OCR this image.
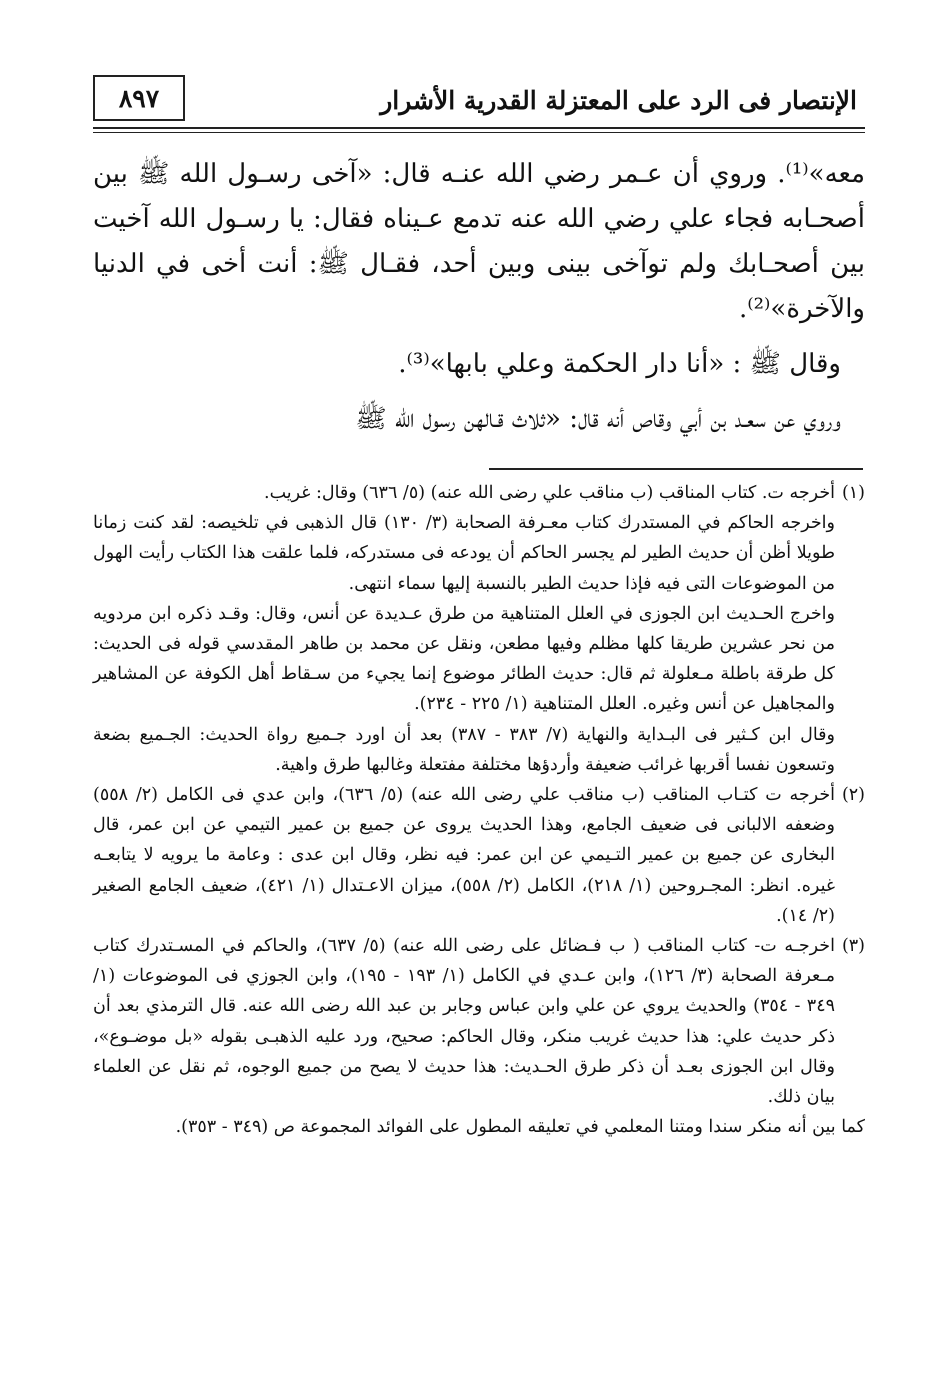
الإنتصار فى الرد على المعتزلة القدرية الأشرار
٨٩٧

معه»⁽¹⁾. وروي أن عـمر رضي الله عنـه قال: «آخى رسـول الله ﷺ بين أصحـابه فجاء علي رضي الله عنه تدمع عـيناه فقال: يا رسـول الله آخيت بين أصحـابك ولم توآخى بينى وبين أحد، فقـال ﷺ: أنت أخى في الدنيا والآخرة»⁽²⁾.

وقال ﷺ : «أنا دار الحكمة وعلي بابها»⁽³⁾.

وروي عن سعـد بن أبي وقاص أنه قال: «ثلاث قـالهن رسول الله ﷺ

(١)
أخرجه ت. كتاب المناقب (ب مناقب علي رضى الله عنه) (٥/ ٦٣٦) وقال: غريب.

واخرجه الحاكم في المستدرك كتاب معـرفة الصحابة (٣/ ١٣٠) قال الذهبى في تلخيصه: لقد كنت زمانا طويلا أظن أن حديث الطير لم يجسر الحاكم أن يودعه فى مستدركه، فلما علقت هذا الكتاب رأيت الهول من الموضوعات التى فيه فإذا حديث الطير بالنسبة إليها سماء انتهى.

واخرج الحـديث ابن الجوزى في العلل المتناهية من طرق عـديدة عن أنس، وقال: وقـد ذكره ابن مردويه من نحر عشرين طريقا كلها مظلم وفيها مطعن، ونقل عن محمد بن طاهر المقدسي قوله فى الحديث: كل طرقة باطلة مـعلولة ثم قال: حديث الطائر موضوع إنما يجيء من سـقاط أهل الكوفة عن المشاهير والمجاهيل عن أنس وغيره. العلل المتناهية (١/ ٢٢٥ - ٢٣٤).

وقال ابن كـثير فى البـداية والنهاية (٧/ ٣٨٣ - ٣٨٧) بعد أن اورد جـميع رواة الحديث: الجـميع بضعة وتسعون نفسا أقربها غرائب ضعيفة وأردؤها مختلفة مفتعلة وغالبها طرق واهية.

(٢)
أخرجه ت كتـاب المناقب (ب مناقب علي رضى الله عنه) (٥/ ٦٣٦)، وابن عدي فى الكامل (٢/ ٥٥٨) وضعفه الالبانى فى ضعيف الجامع، وهذا الحديث يروى عن جميع بن عمير التيمي عن ابن عمر، قال البخارى عن جميع بن عمير التـيمي عن ابن عمر: فيه نظر، وقال ابن عدى : وعامة ما يرويه لا يتابعـه غيره. انظر: المجـروحين (١/ ٢١٨)، الكامل (٢/ ٥٥٨)، ميزان الاعـتدال (١/ ٤٢١)، ضعيف الجامع الصغير (٢/ ١٤).

(٣)
اخرجـه ت- كتاب المناقب ( ب فـضائل على رضى الله عنه) (٥/ ٦٣٧)، والحاكم في المسـتدرك كتاب مـعرفة الصحابة (٣/ ١٢٦)، وابن عـدي في الكامل (١/ ١٩٣ - ١٩٥)، وابن الجوزي فى الموضوعات (١/ ٣٤٩ - ٣٥٤) والحديث يروي عن علي وابن عباس وجابر بن عبد الله رضى الله عنه. قال الترمذي بعد أن ذكر حديث علي: هذا حديث غريب منكر، وقال الحاكم: صحيح، ورد عليه الذهبـى بقوله «بل موضـوع»، وقال ابن الجوزى بعـد أن ذكر طرق الحـديث: هذا حديث لا يصح من جميع الوجوه، ثم نقل عن العلماء بيان ذلك.

كما بين أنه منكر سندا ومتنا المعلمي في تعليقه المطول على الفوائد المجموعة ص (٣٤٩ - ٣٥٣).
